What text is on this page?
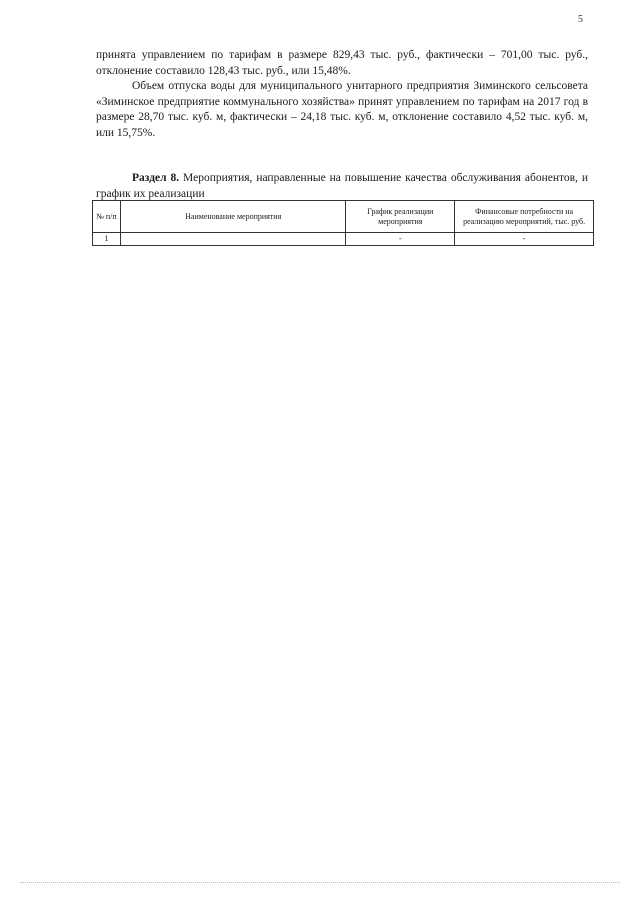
5

принята управлением по тарифам в размере 829,43 тыс. руб., фактически – 701,00 тыс. руб., отклонение составило 128,43 тыс. руб., или 15,48%.

Объем отпуска воды для муниципального унитарного предприятия Зиминского сельсовета «Зиминское предприятие коммунального хозяйства» принят управлением по тарифам на 2017 год в размере 28,70 тыс. куб. м, фактически – 24,18 тыс. куб. м, отклонение составило 4,52 тыс. куб. м, или 15,75%.

Раздел 8. Мероприятия, направленные на повышение качества обслуживания абонентов, и график их реализации

№ п/п	Наименование мероприятия	График реализации мероприятия	Финансовые потребности на реализацию мероприятий, тыс. руб.
1		-	-
